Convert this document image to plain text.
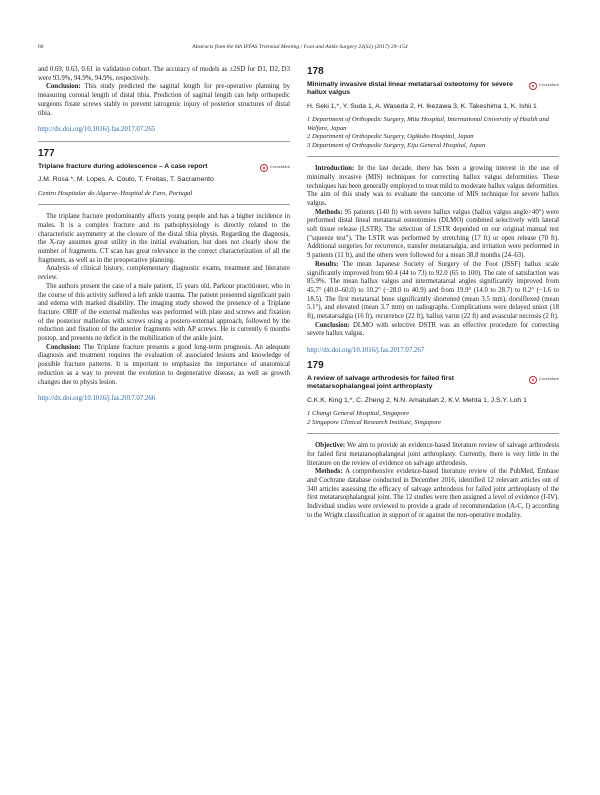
60	Abstracts from the 6th IFFAS Triennial Meeting / Foot and Ankle Surgery 23(S1) (2017) 29–154

and 0.69, 0.63, 0.61 in validation cohort. The accuracy of models as ±2SD for D1, D2, D3 were 93.9%, 94.9%, 94.9%, respectively.

Conclusion: This study predicted the sagittal length for pre-operative planning by measuring coronal length of distal tibia. Prediction of sagittal length can help orthopedic surgeons fixate screws stably to prevent iatrogenic injury of posterior structures of distal tibia.

http://dx.doi.org/10.1016/j.fas.2017.07.265
177
Triplane fracture during adolescence – A case report	CrossMark
J.M. Rosa *, M. Lopes, A. Couto, T. Freitas, T. Sacramento
Centro Hospitalar do Algarve–Hospital de Faro, Portugal

The triplane fracture predominantly affects young people and has a higher incidence in males. It is a complex fracture and its pathophysiology is directly related to the characteristic asymmetry at the closure of the distal tibia physis. Regarding the diagnosis, the X-ray assumes great utility in the initial evaluation, but does not clearly show the number of fragments. CT scan has great relevance in the correct characterization of all the fragments, as well as in the preoperative planning.

Analysis of clinical history, complementary diagnostic exams, treatment and literature review.

The authors present the case of a male patient, 15 years old, Parkour practitioner, who in the course of this activity suffered a left ankle trauma. The patient presented significant pain and edema with marked disability. The imaging study showed the presence of a Triplane fracture. ORIF of the external malleolus was performed with plate and screws and fixation of the posterior malleolus with screws using a postero-external approach, followed by the reduction and fixation of the anterior fragments with AP screws. He is currently 6 months postop, and presents no deficit in the mobilization of the ankle joint.

Conclusion: The Triplane fracture presents a good long-term prognosis. An adequate diagnosis and treatment requires the evaluation of associated lesions and knowledge of possible fracture patterns. It is important to emphasize the importance of anatomical reduction as a way to prevent the evolution to degenerative disease, as well as growth changes due to physis lesion.

http://dx.doi.org/10.1016/j.fas.2017.07.266
178
Minimally invasive distal linear metatarsal osteotomy for severe hallux valgus
CrossMark
H. Seki 1,*, Y. Suda 1, A. Waseda 2, H. Ikezawa 3, K. Takeshima 1, K. Ishii 1
1 Department of Orthopedic Surgery, Mita Hospital, International University of Health and Welfare, Japan
2 Department of Orthopedic Surgery, Ogikubo Hospital, Japan
3 Department of Orthopedic Surgery, Eiju General Hospital, Japan

Introduction: In the last decade, there has been a growing interest in the use of minimally invasive (MIS) techniques for correcting hallux valgus deformities. These techniques has been generally employed to treat mild to moderate hallux valgus deformities. The aim of this study was to evaluate the outcome of MIS technique for severe hallux valgus.

Methods: 95 patients (140 ft) with severe hallux valgus (hallux valgus angle>40°) were performed distal lineal metatarsal osteotomies (DLMO) combined selectively with lateral soft tissue release (LSTR). The selection of LSTR depended on our original manual test ("squeeze test"). The LSTR was performed by stretching (17 ft) or open release (70 ft). Additional surgeries for recurrence, transfer metatarsalgia, and irritation were performed in 9 patients (11 ft), and the others were followed for a mean 38.8 months (24–63).

Results: The mean Japanese Society of Surgery of the Foot (JSSF) hallux scale significantly improved from 60.4 (44 to 73) to 92.0 (65 to 100). The rate of satisfaction was 85.9%. The mean hallux valgus and intermetatarsal angles significantly improved from 45.7° (40.0–60.0) to 10.2° (−28.0 to 40.9) and from 19.9° (14.0 to 28.7) to 8.2° (−1.6 to 18.5). The first metatarsal bone significantly shortened (mean 3.5 mm), dorsiflexed (mean 5.1°), and elevated (mean 3.7 mm) on radiographs. Complications were delayed union (18 ft), metatarsalgia (16 ft), recurrence (22 ft), hallux varus (22 ft) and avascular necrosis (2 ft).

Conclusion: DLMO with selective DSTR was an effective procedure for correcting severe hallux valgus.

http://dx.doi.org/10.1016/j.fas.2017.07.267
179
A review of salvage arthrodesis for failed first metatarsophalangeal joint arthroplasty
CrossMark
C.K.K. King 1,*, C. Zheng 2, N.N. Amatullah 2, K.V. Mehta 1, J.S.Y. Loh 1
1 Changi General Hospital, Singapore
2 Singapore Clinical Research Institute, Singapore

Objective: We aim to provide an evidence-based literature review of salvage arthrodesis for failed first metatarsophalangeal joint arthroplasty. Currently, there is very little in the literature on the review of evidence on salvage arthrodesis.

Methods: A comprehensive evidence-based literature review of the PubMed, Embase and Cochrane database conducted in December 2016, identified 12 relevant articles out of 340 articles assessing the efficacy of salvage arthrodesis for failed joint arthroplasty of the first metatarsophalangeal joint. The 12 studies were then assigned a level of evidence (I-IV). Individual studies were reviewed to provide a grade of recommendation (A-C, I) according to the Wright classification in support of or against the non-operative modality.
